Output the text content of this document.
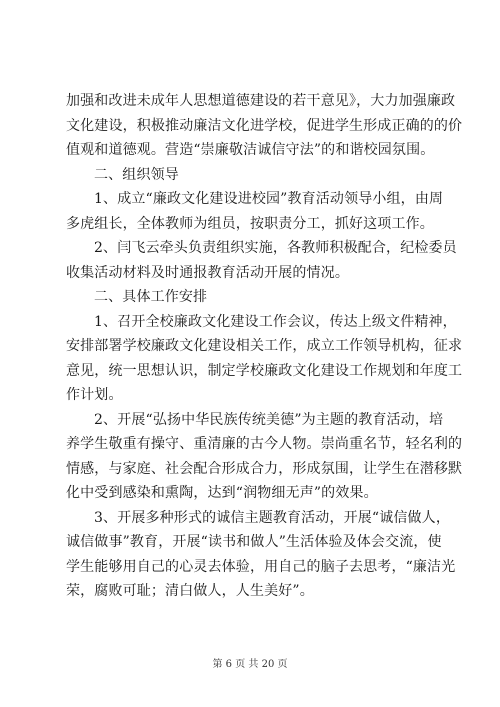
加强和改进未成年人思想道德建设的若干意见》，大力加强廉政
文化建设，积极推动廉洁文化进学校，促进学生形成正确的的价
值观和道德观。营造“崇廉敬洁诚信守法”的和谐校园氛围。
二、组织领导
1、成立“廉政文化建设进校园”教育活动领导小组，由周
多虎组长，全体教师为组员，按职责分工，抓好这项工作。
2、闫飞云牵头负责组织实施，各教师积极配合，纪检委员
收集活动材料及时通报教育活动开展的情况。
二、具体工作安排
1、召开全校廉政文化建设工作会议，传达上级文件精神，
安排部署学校廉政文化建设相关工作，成立工作领导机构，征求
意见，统一思想认识，制定学校廉政文化建设工作规划和年度工
作计划。
2、开展“弘扬中华民族传统美德”为主题的教育活动，培
养学生敬重有操守、重清廉的古今人物。崇尚重名节，轻名利的
情感，与家庭、社会配合形成合力，形成氛围，让学生在潜移默
化中受到感染和熏陶，达到“润物细无声”的效果。
3、开展多种形式的诚信主题教育活动，开展“诚信做人，
诚信做事”教育，开展“读书和做人”生活体验及体会交流，使
学生能够用自己的心灵去体验，用自己的脑子去思考，“廉洁光
荣，腐败可耻；清白做人，人生美好”。
第 6 页 共 20 页
